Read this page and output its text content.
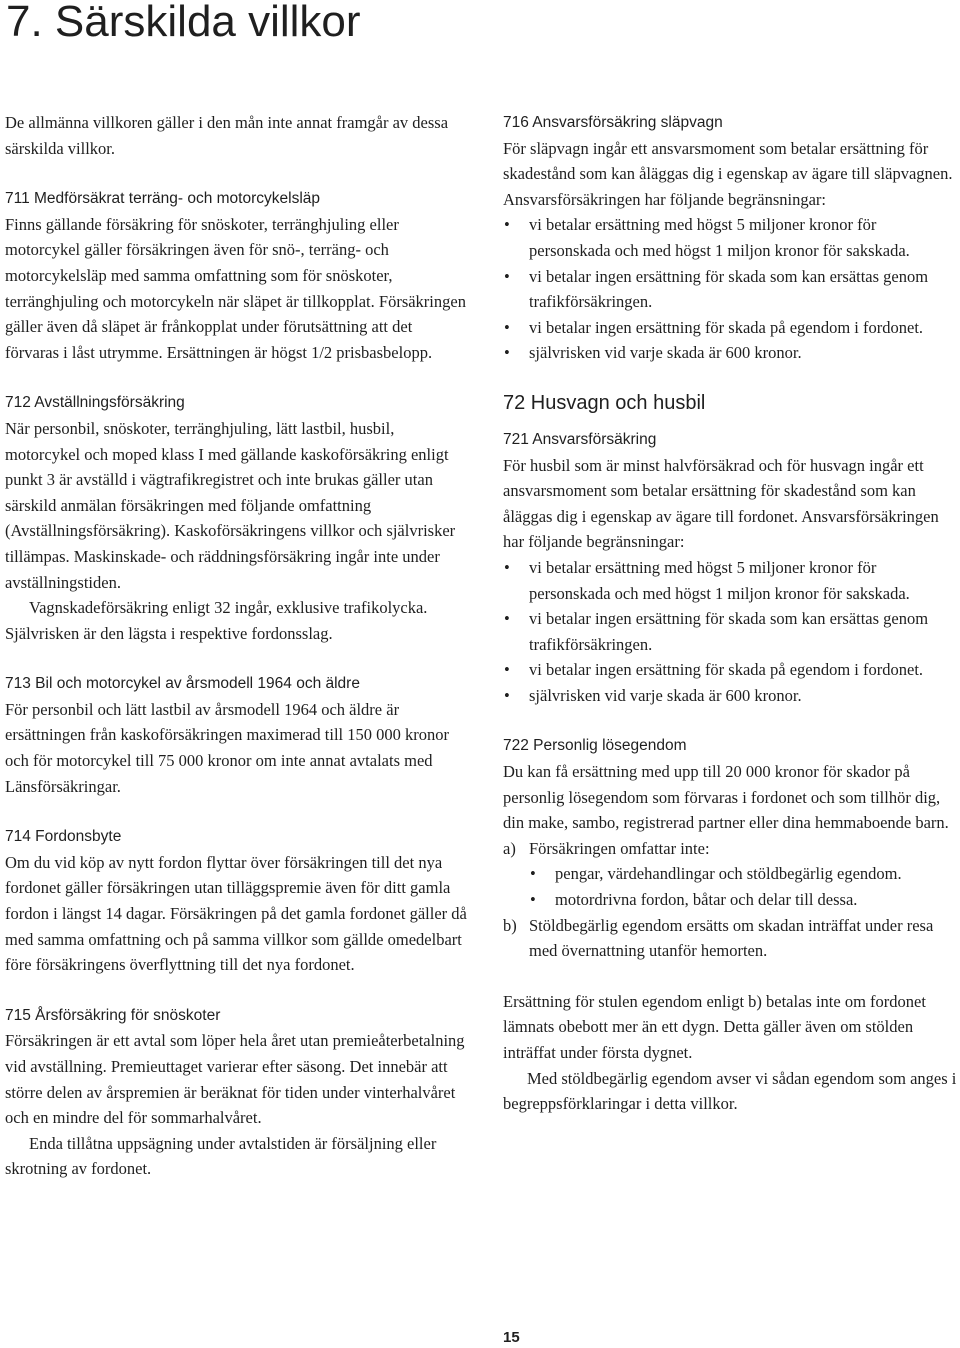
7. Särskilda villkor

De allmänna villkoren gäller i den mån inte annat framgår av dessa särskilda villkor.

711 Medförsäkrat terräng- och motorcykelsläp

Finns gällande försäkring för snöskoter, terränghjuling eller motorcykel gäller försäkringen även för snö-, terräng- och motorcykelsläp med samma omfattning som för snöskoter, terränghjuling och motorcykeln när släpet är tillkopplat. Försäkringen gäller även då släpet är frånkopplat under förutsättning att det förvaras i låst utrymme. Ersättningen är högst 1/2 prisbasbelopp.

712 Avställningsförsäkring

När personbil, snöskoter, terränghjuling, lätt lastbil, husbil, motorcykel och moped klass I med gällande kaskoförsäkring enligt punkt 3 är avställd i vägtrafikregistret och inte brukas gäller utan särskild anmälan försäkringen med följande omfattning (Avställningsförsäkring). Kaskoförsäkringens villkor och självrisker tillämpas. Maskinskade- och räddningsförsäkring ingår inte under avställningstiden.

Vagnskadeförsäkring enligt 32 ingår, exklusive trafikolycka. Självrisken är den lägsta i respektive fordonsslag.

713 Bil och motorcykel av årsmodell 1964 och äldre

För personbil och lätt lastbil av årsmodell 1964 och äldre är ersättningen från kaskoförsäkringen maximerad till 150 000 kronor och för motorcykel till 75 000 kronor om inte annat avtalats med Länsförsäkringar.

714 Fordonsbyte

Om du vid köp av nytt fordon flyttar över försäkringen till det nya fordonet gäller försäkringen utan tilläggspremie även för ditt gamla fordon i längst 14 dagar. Försäkringen på det gamla fordonet gäller då med samma omfattning och på samma villkor som gällde omedelbart före försäkringens överflyttning till det nya fordonet.

715 Årsförsäkring för snöskoter

Försäkringen är ett avtal som löper hela året utan premieåterbetalning vid avställning. Premieuttaget varierar efter säsong. Det innebär att större delen av årspremien är beräknat för tiden under vinterhalvåret och en mindre del för sommarhalvåret.

Enda tillåtna uppsägning under avtalstiden är försäljning eller skrotning av fordonet.

716 Ansvarsförsäkring släpvagn

För släpvagn ingår ett ansvarsmoment som betalar ersättning för skadestånd som kan åläggas dig i egenskap av ägare till släpvagnen. Ansvarsförsäkringen har följande begränsningar:

• vi betalar ersättning med högst 5 miljoner kronor för personskada och med högst 1 miljon kronor för sakskada.
• vi betalar ingen ersättning för skada som kan ersättas genom trafikförsäkringen.
• vi betalar ingen ersättning för skada på egendom i fordonet.
• självrisken vid varje skada är 600 kronor.
72 Husvagn och husbil
721 Ansvarsförsäkring

För husbil som är minst halvförsäkrad och för husvagn ingår ett ansvarsmoment som betalar ersättning för skadestånd som kan åläggas dig i egenskap av ägare till fordonet. Ansvarsförsäkringen har följande begränsningar:

• vi betalar ersättning med högst 5 miljoner kronor för personskada och med högst 1 miljon kronor för sakskada.
• vi betalar ingen ersättning för skada som kan ersättas genom trafikförsäkringen.
• vi betalar ingen ersättning för skada på egendom i fordonet.
• självrisken vid varje skada är 600 kronor.
722 Personlig lösegendom

Du kan få ersättning med upp till 20 000 kronor för skador på personlig lösegendom som förvaras i fordonet och som tillhör dig, din make, sambo, registrerad partner eller dina hemmaboende barn.

a) Försäkringen omfattar inte:
• pengar, värdehandlingar och stöldbegärlig egendom.
• motordrivna fordon, båtar och delar till dessa.
b) Stöldbegärlig egendom ersätts om skadan inträffat under resa med övernattning utanför hemorten.

Ersättning för stulen egendom enligt b) betalas inte om fordonet lämnats obebott mer än ett dygn. Detta gäller även om stölden inträffat under första dygnet.

Med stöldbegärlig egendom avser vi sådan egendom som anges i begreppsförklaringar i detta villkor.

15
